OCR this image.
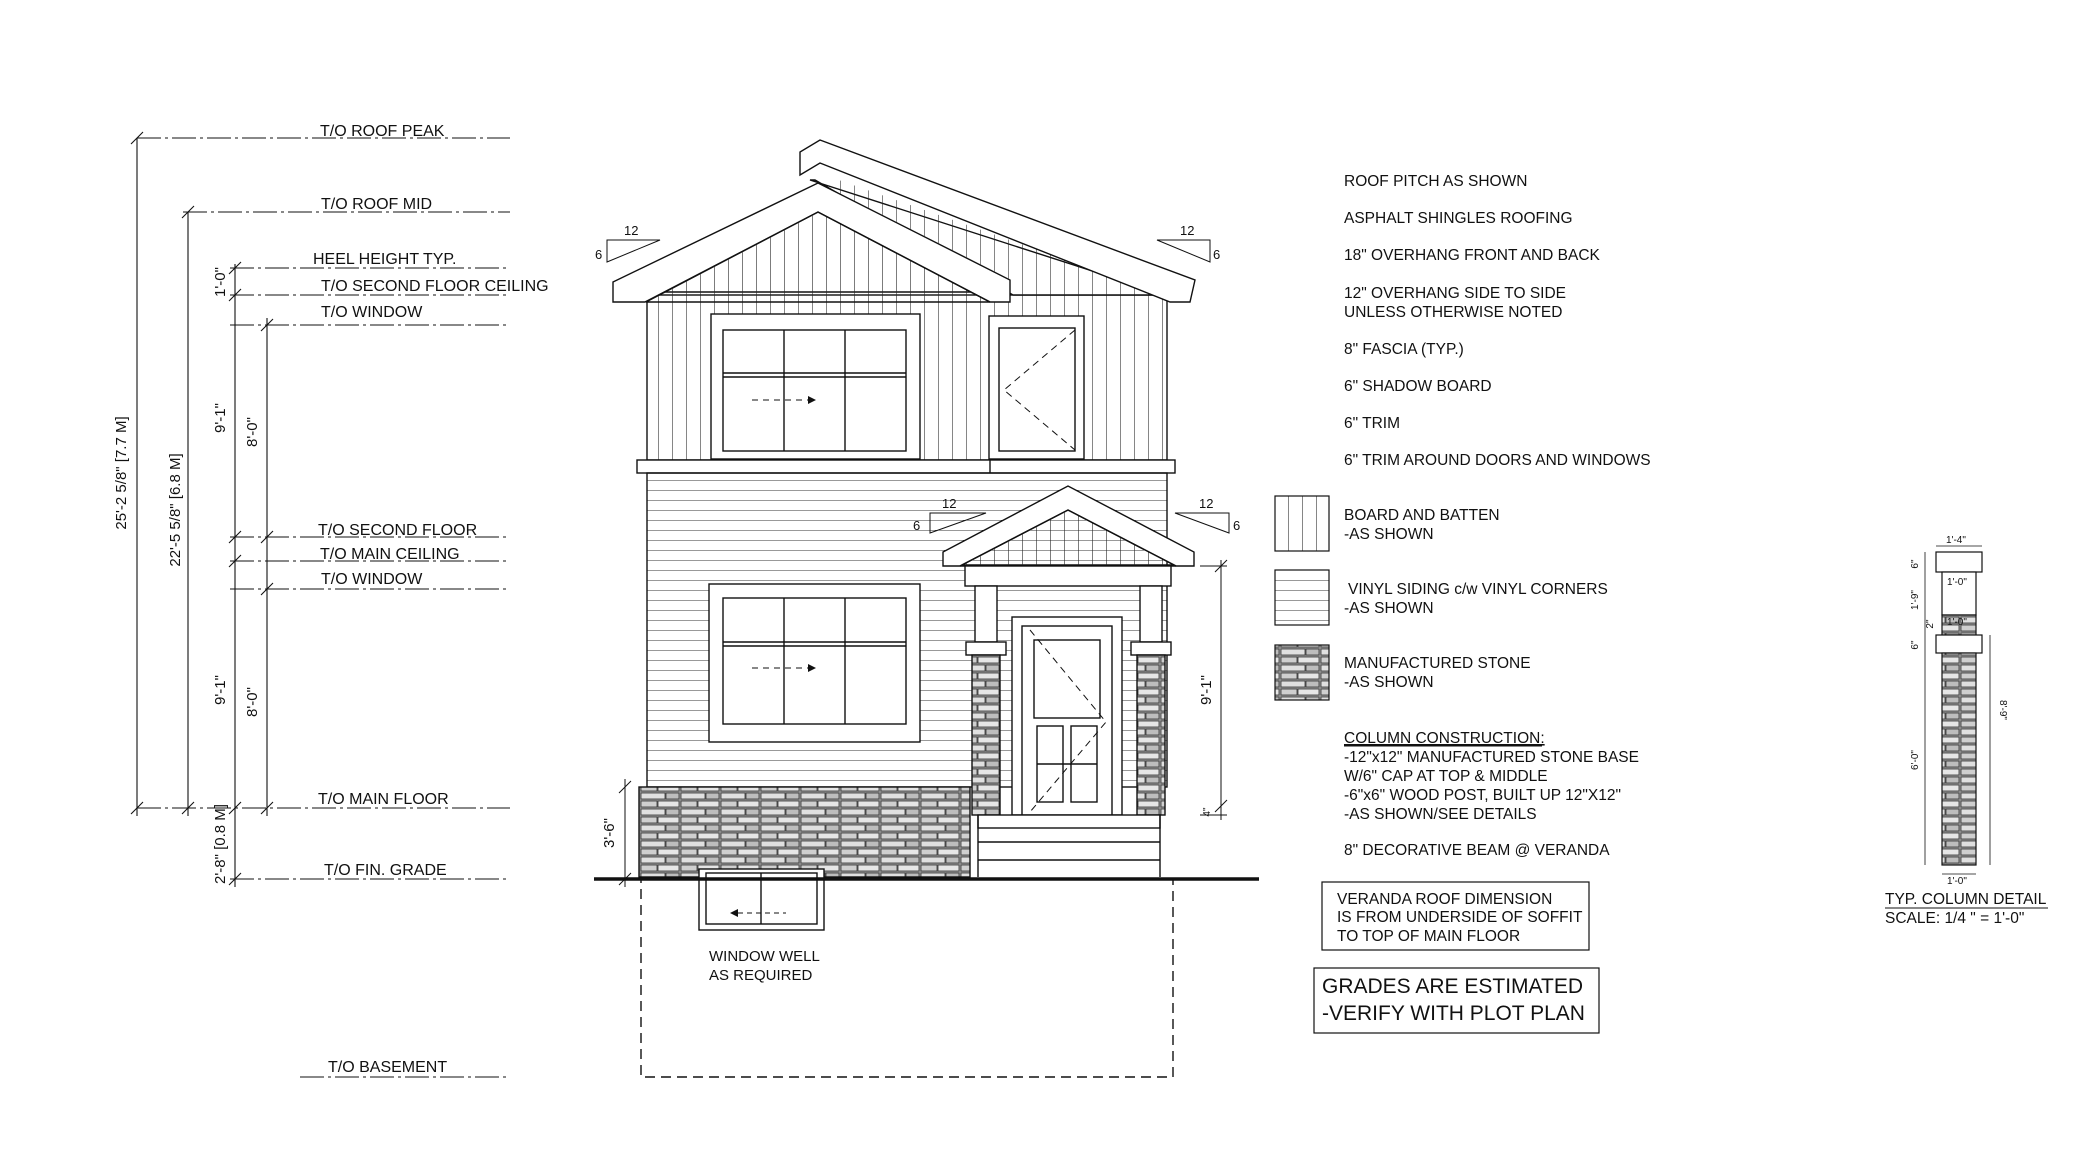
T/O ROOF PEAK
T/O ROOF MID
HEEL HEIGHT TYP.
T/O SECOND FLOOR CEILING
T/O WINDOW
T/O SECOND FLOOR
T/O MAIN CEILING
T/O WINDOW
T/O MAIN FLOOR
T/O FIN. GRADE
T/O BASEMENT
25'-2 5/8" [7.7 M] 22'-5 5/8" [6.8 M]
1'-0"
9'-1" 8'-0"
9'-1" 8'-0"
2'-8" [0.8 M]
12
6
12
6
12
6
12
6
3'-6"
9'-1"
4"
WINDOW WELL
AS REQUIRED
ROOF PITCH AS SHOWN
ASPHALT SHINGLES ROOFING
18" OVERHANG FRONT AND BACK
12" OVERHANG SIDE TO SIDE
UNLESS OTHERWISE NOTED
8" FASCIA (TYP.)
6" SHADOW BOARD
6" TRIM
6" TRIM AROUND DOORS AND WINDOWS
BOARD AND BATTEN
-AS SHOWN
VINYL SIDING c/w VINYL CORNERS
-AS SHOWN
MANUFACTURED STONE
-AS SHOWN
COLUMN CONSTRUCTION:
-12"x12" MANUFACTURED STONE BASE
W/6" CAP AT TOP & MIDDLE
-6"x6" WOOD POST, BUILT UP 12"X12"
-AS SHOWN/SEE DETAILS
8" DECORATIVE BEAM @ VERANDA
VERANDA ROOF DIMENSION
IS FROM UNDERSIDE OF SOFFIT
TO TOP OF MAIN FLOOR
GRADES ARE ESTIMATED
-VERIFY WITH PLOT PLAN
1'-4"
1'-0"
1'-0"
1'-0"
6"
1'-9"
2"
6"
6'-0"
8'-9"
TYP. COLUMN DETAIL
SCALE: 1/4 " = 1'-0"
